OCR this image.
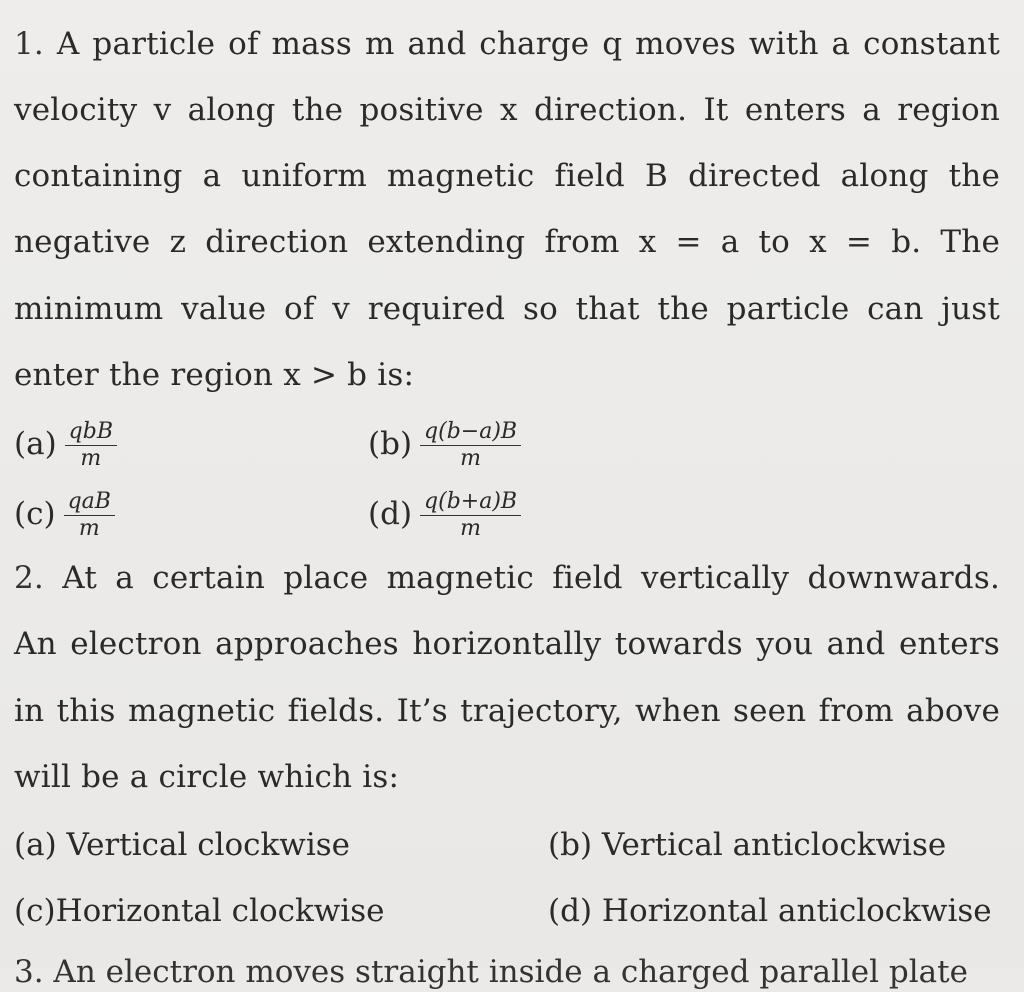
1. A particle of mass m and charge q moves with a constant
velocity v along the positive x direction. It enters a region
containing a uniform magnetic field B directed along the
negative z direction extending from x = a to x = b. The
minimum value of v required so that the particle can just
enter the region x > b is:
$(a) \frac{\text{qbB}}{m}$	$(b) \frac{q(b-a)B}{m}$
$(c) \frac{\text{qaB}}{m}$	$(d) \frac{q(b+a)B}{m}$
2. At a certain place magnetic field vertically downwards.
An electron approaches horizontally towards you and enters
in this magnetic fields. It’s trajectory, when seen from above
will be a circle which is:
(a) Vertical clockwise	(b) Vertical anticlockwise
(c)Horizontal clockwise	(d) Horizontal anticlockwise
3. An electron moves straight inside a charged parallel plate
